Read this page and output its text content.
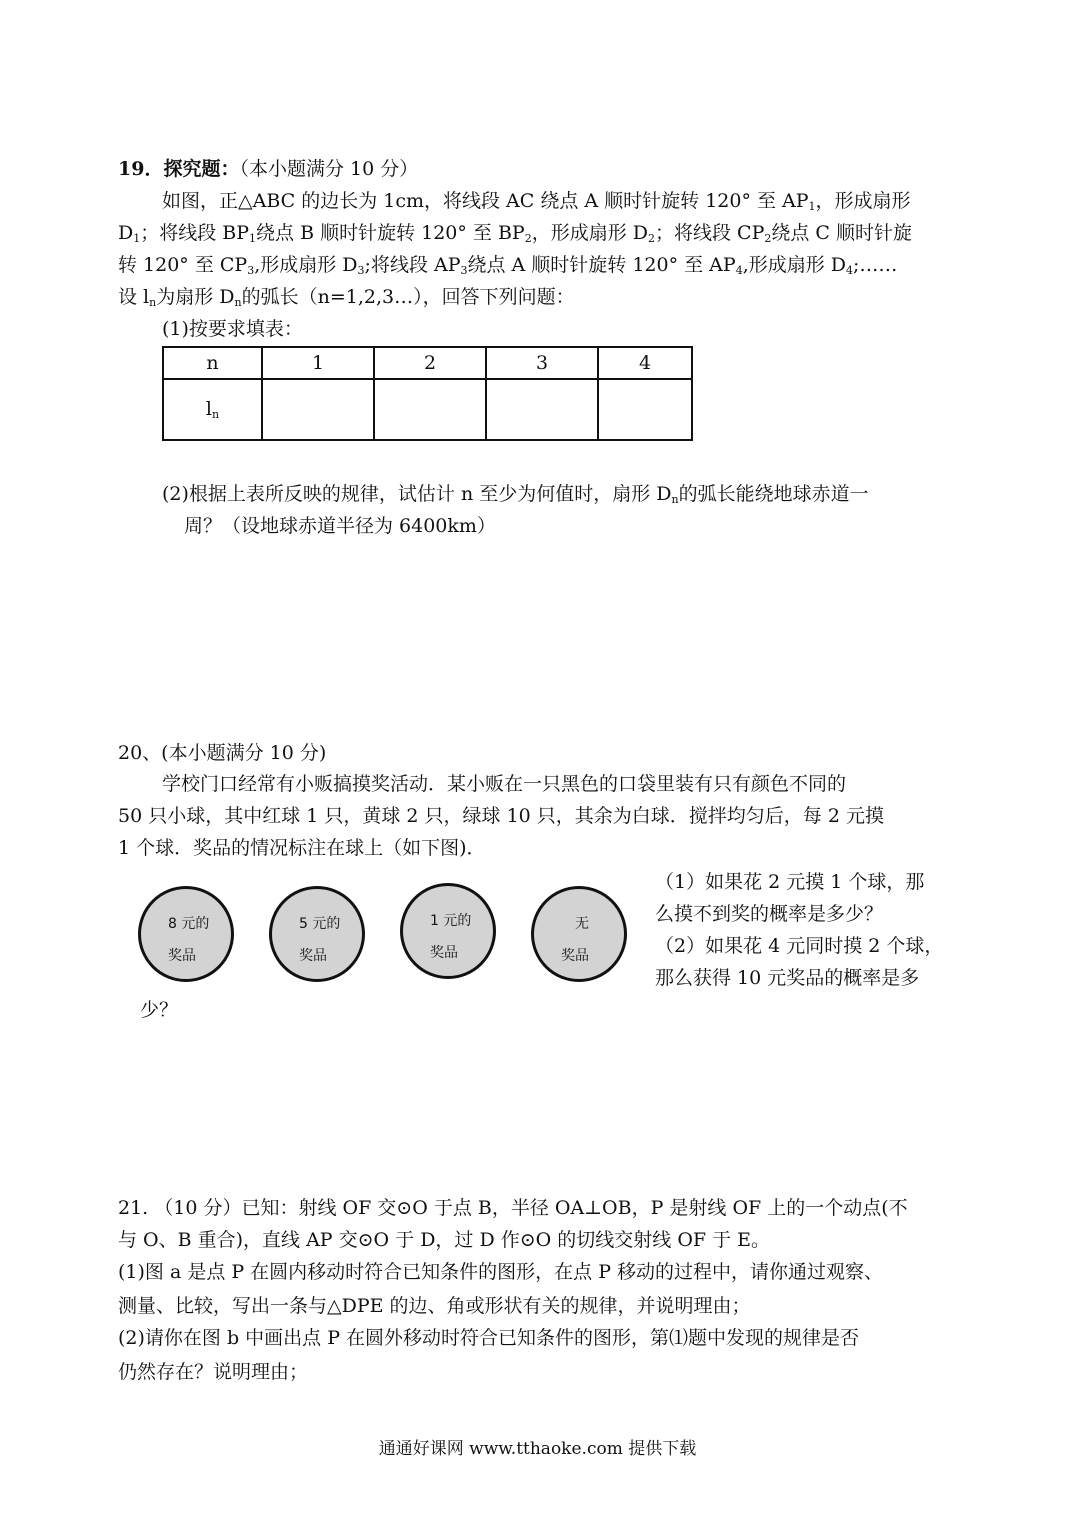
19．探究题：（本小题满分 10 分）
如图，正△ABC 的边长为 1cm，将线段 AC 绕点 A 顺时针旋转 120° 至 $AP_1$，形成扇形
$D_1$；将线段 $BP_1$绕点 B 顺时针旋转 120° 至 $BP_2$，形成扇形 $D_2$；将线段 $CP_2$绕点 C 顺时针旋
转 120° 至 $CP_3$,形成扇形 $D_3$;将线段 $AP_3$绕点 A 顺时针旋转 120° 至 $AP_4$,形成扇形 $D_4;\dots\dots$
设 $l_n$为扇形 $D_n$的弧长（n=1,2,3…），回答下列问题：
(1)按要求填表：
n	1	2	3	4
$l_n$				
(2)根据上表所反映的规律，试估计 n 至少为何值时，扇形 $D_n$的弧长能绕地球赤道一
周？（设地球赤道半径为 6400km）
20、(本小题满分 10 分)
学校门口经常有小贩搞摸奖活动．某小贩在一只黑色的口袋里装有只有颜色不同的
50 只小球，其中红球 1 只，黄球 2 只，绿球 10 只，其余为白球．搅拌均匀后，每 2 元摸
1 个球．奖品的情况标注在球上（如下图)．
8 元的
奖品
5 元的
奖品
1 元的
奖品
无
奖品
（1）如果花 2 元摸 1 个球，那
么摸不到奖的概率是多少？
（2）如果花 4 元同时摸 2 个球，
那么获得 10 元奖品的概率是多
少？
21. （10 分）已知：射线 OF 交⊙O 于点 B，半径 OA⊥OB，P 是射线 OF 上的一个动点(不
与 O、B 重合)，直线 AP 交⊙O 于 D，过 D 作⊙O 的切线交射线 OF 于 E。
(1)图 a 是点 P 在圆内移动时符合已知条件的图形，在点 P 移动的过程中，请你通过观察、
测量、比较，写出一条与△DPE 的边、角或形状有关的规律，并说明理由；
(2)请你在图 b 中画出点 P 在圆外移动时符合已知条件的图形，第⑴题中发现的规律是否
仍然存在？说明理由；
通通好课网 www.tthaoke.com 提供下载
